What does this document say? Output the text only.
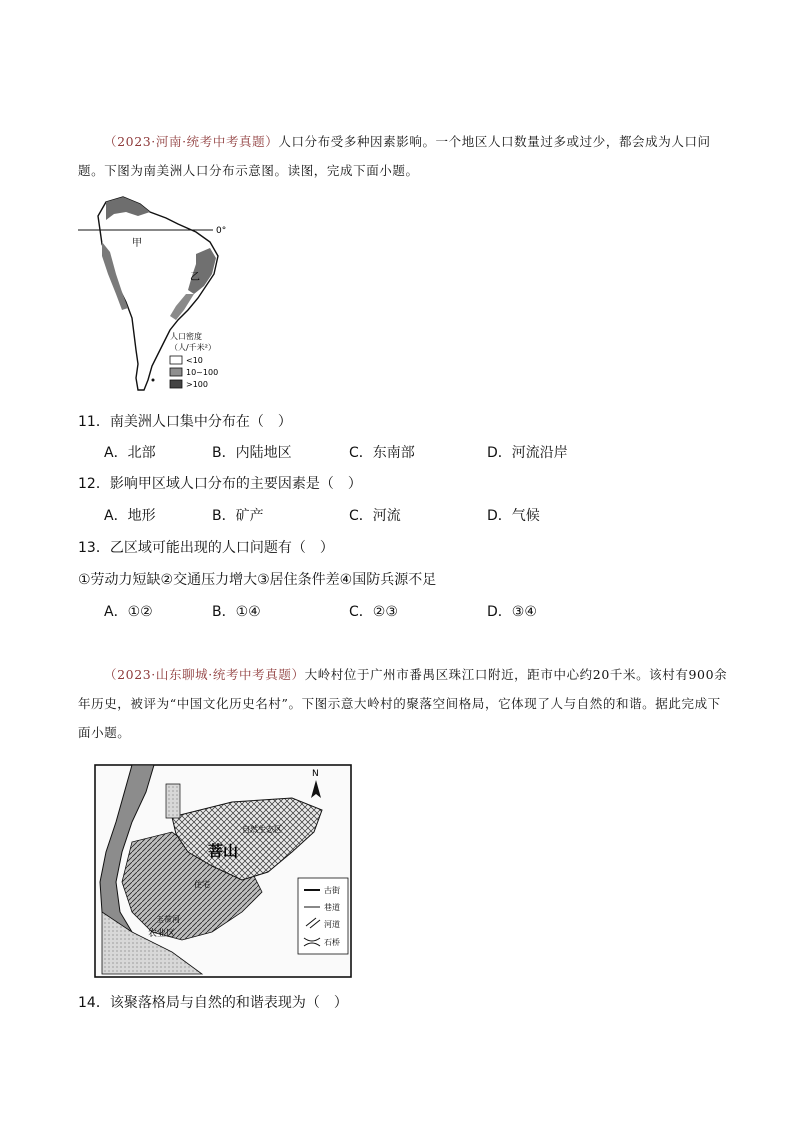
（2023·河南·统考中考真题）人口分布受多种因素影响。一个地区人口数量过多或过少，都会成为人口问题。下图为南美洲人口分布示意图。读图，完成下面小题。
0°
甲
乙
人口密度
（人/千米²）
<10
10~100
>100
11．南美洲人口集中分布在（　）
A．北部	B．内陆地区	C．东南部	D．河流沿岸
12．影响甲区域人口分布的主要因素是（　）
A．地形	B．矿产	C．河流	D．气候
13．乙区域可能出现的人口问题有（　）
①劳动力短缺②交通压力增大③居住条件差④国防兵源不足
A．①②	B．①④	C．②③	D．③④
（2023·山东聊城·统考中考真题）大岭村位于广州市番禺区珠江口附近，距市中心约20千米。该村有900余年历史，被评为“中国文化历史名村”。下图示意大岭村的聚落空间格局，它体现了人与自然的和谐。据此完成下面小题。
菩山
自然生态区
住宅
玉带河
农业区
N
古街
巷道
河道
石桥
14．该聚落格局与自然的和谐表现为（　）
